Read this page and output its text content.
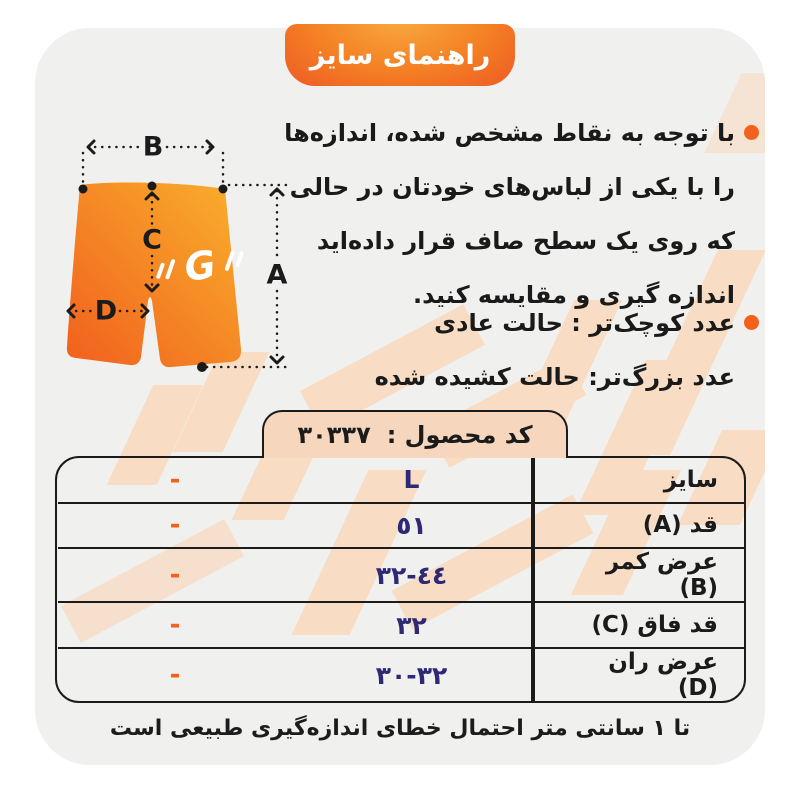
G
B
C
A
D
با توجه به نقاط مشخص شده، اندازه‌ها
را با یکی از لباس‌های خودتان در حالی
که روی یک سطح صاف قرار داده‌اید
اندازه گیری و مقایسه کنید.
عدد کوچک‌تر : حالت عادی
عدد بزرگ‌تر: حالت کشیده شده
کد محصول :
٣٠٣٣٧
سایز
L
-
قد (A)
٥١
-
عرض کمر (B)
٤٤-٣٢
-
قد فاق (C)
٣٢
-
عرض ران (D)
٣٢-٣٠
-
تا ۱ سانتی متر احتمال خطای اندازه‌گیری طبیعی است
راهنمای سایز
